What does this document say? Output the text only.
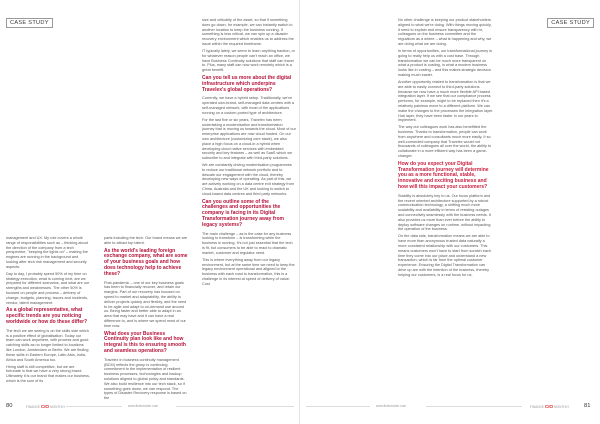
CASE STUDY

management and UX. My role covers a whole range of responsibilities such as – thinking about the direction of the company from a tech perspective, "keeping the lights on" – making the engines are running in the background and looking after tech risk management and security aspects.

Day to day, I probably spend 50% of my time on strategy execution, what is coming next, are we prepared for different scenarios, and what are our strengths and weaknesses. The other 50% is focused on people and process – delivery of change, budgets, planning, issues and incidents, vendor, talent management.

As a global representative, what specific trends are you noticing worldwide or how do these differ?

The tech we are seeing is on the skills side which is a positive effect of globalisation. Today our team can work anywhere, with process and good catching skills as no longer limited to locations like London, Amsterdam or Berlin. We are finding these skills in Eastern Europe, Latin Asia, India, Africa and South America too.

Hiring staff is still competitive, but we are fortunate in that we have a very strong brand. Ultimately it is our brand that makes our business, which is the sum of its

parts including the tech. Our brand means we are able to attract top talent.

As the world's leading foreign exchange company, what are some of your business goals and how does technology help to achieve these?

Post-pandemic – one of our key business goals has been to financially recover, and retain our margins. Part of our recovery has focused on speed to market and adaptability, the ability to deliver projects quickly and flexibly, and the need to be agile and adapt to on-demand use around us. Being faster and better able to adapt in an area that may have and it can have a real difference to, and is where we spend most of our time now.

What does your Business Continuity plan look like and how integral is this to ensuring smooth and seamless operations?

Travelex in business continuity management (BCM) reflects the group is continuing commitment to the implementation of resilient business processes, technologies and backup solutions aligned to global policy and standards. We also build resilience into our tech stack, so if something goes down, we can respond. The types of Disaster Recovery response is based on the

size and criticality of the asset, so that if something does go down, for example, we can instantly switch to another location to keep the business running. If something is less critical, we can spin up a disaster recovery environment which enables us to address the issue within the required timeframe.

IT typically lately, we seem to learn anything traction, or for whatever reason people can't reach an office, we have Business Continuity solutions that staff can travel to. Plus, many staff can now work remotely which is a great benefit.

Can you tell us more about the digital infrastructure which underpins Travelex's global operations?

Currently, we have a hybrid setup. Traditionally, we've operated own-brand, self-managed data centres with a self-managed network, with most of the applications running on a custom-ported type of architecture.

For the last five or six years, Travelex has been undertaking a modernisation and transformation journey that is moving us towards the cloud. Most of our enterprise applications are now cloud hosted. On our own architecture (customizing core stack), we also place a high focus on a cloud-in a hybrid when developing cloud native services with embedded security and key features – as well as SaaS which we subscribe to and integrate with third-party solutions.

We are constantly driving modernisation programmes to reduce our traditional network portfolio and to descale our engagement with the cloud, thereby developing new ways of operating. As part of this, we are actively working on a data centre exit strategy from China, Australia and the UK and looking to switch to cloud-based data centres and third party networks.

Can you outline some of the challenges and opportunities the company is facing in its Digital Transformation journey away from legacy systems?

The main challenge – as is the case for any business looking to transform – is transforming while the business is running. It's not just essential that the tech is fit, but consumers to be able to react to dramatic market, customer and regulator need.

This is where everything away from our legacy environment, but at the same time we need to keep the legacy environment operational and aligned to the business with each road to transformation, this is a challenge in its interest at speed of delivery of value. Cost

80	FINANCE CIO MONTHLY	www.fintechtube.com
CASE STUDY

No other challenge is keeping our product stakeholders aligned to what we're doing. With things moving quickly, it need to explain and ensure transparency with hr, colleagues on the business committee and the regulators as a where – what is happening and why, we are doing what we are doing.

In terms of opportunities, our transformational journey is going to really help us with a cost base. Through transformation we can be much more transparent on what a product is costing, in what a modern business looks like in costing – and this makes strategic decision making much easier.

Another opportunity related to transformation is that we are able to easily connect to third-party solutions because we now have a much more flexible API based integration layer. If we see that our compliance process performs, for example, might to be replaced then it's a relatively painless move to a different platform. We can make the changes to the processes the integration layer. Hub layer, they have been faster in our years to implement.

The way our colleagues work has also benefitted the business. Thanks to transformation, people can work from anywhere and consultants much more easily. It so well-connected company that Travelex would not thousands of colleagues all over the world, the ability to collaborate in a more efficient way has been a game-changer.

How do you expect your Digital Transformation journey will determine you as a more functional, stable, innovative and exciting business and how will this impact your customers?

Stability is absolutely key to us. Our focus platform and the recent oriented architecture supported by a robust communication technology, a shifting much more scalability and availability in terms of resisting outages and connectivity seamlessly with the business needs. It also provides us more than ever before the ability to deploy software changes on runtime, without impacting the operation of the business.

On the data side, transformation means we are able to have more than anonymous trusted data naturally a more consistent relationship with our customers. This means customers won't have to start from scratch each time they come into our place and understand a new transaction, which is far from the optimal customer experience. Ensuring the Digital Transformation can drive up are with the intention of the business, thereby helping our customers, is a real focus for us.

www.fintechtube.com	FINANCE CIO MONTHLY	81
